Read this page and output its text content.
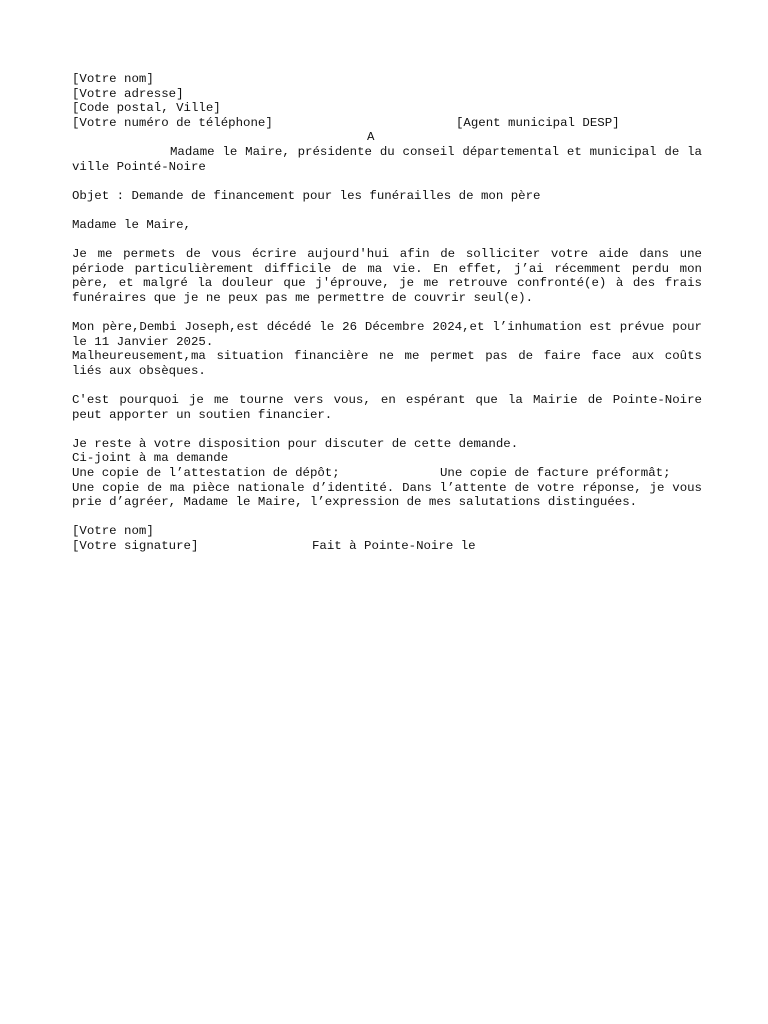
[Votre nom]
[Votre adresse]
[Code postal, Ville]
[Votre numéro de téléphone]	[Agent municipal DESP]
A
Madame le Maire, présidente du conseil départemental et municipal de la ville Pointé-Noire
Objet : Demande de financement pour les funérailles de mon père
Madame le Maire,
Je me permets de vous écrire aujourd'hui afin de solliciter votre aide dans une période particulièrement difficile de ma vie. En effet, j’ai récemment perdu mon père, et malgré la douleur que j'éprouve, je me retrouve confronté(e) à des frais funéraires que je ne peux pas me permettre de couvrir seul(e).
Mon père,Dembi Joseph,est décédé le 26 Décembre 2024,et l’inhumation est prévue pour le 11 Janvier 2025.
Malheureusement,ma situation financière ne me permet pas de faire face aux coûts liés aux obsèques.
C'est pourquoi je me tourne vers vous, en espérant que la Mairie de Pointe-Noire peut apporter un soutien financier.
Je reste à votre disposition pour discuter de cette demande.
Ci-joint à ma demande
Une copie de l’attestation de dépôt;	Une copie de facture préformât;
Une copie de ma pièce nationale d’identité. Dans l’attente de votre réponse, je vous prie d’agréer, Madame le Maire, l’expression de mes salutations distinguées.
[Votre nom]
[Votre signature]	Fait à Pointe-Noire le
